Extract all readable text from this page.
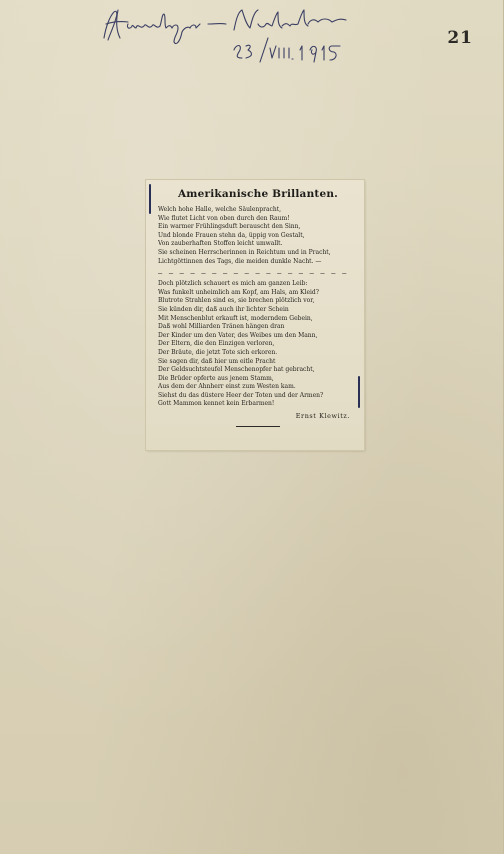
21
Amerikanische Brillanten.
Welch hohe Halle, welche Säulenpracht,
Wie flutet Licht von oben durch den Raum!
Ein warmer Frühlingsduft berauscht den Sinn,
Und blonde Frauen stehn da, üppig von Gestalt,
Von zauberhaften Stoffen leicht umwallt.
Sie scheinen Herrscherinnen in Reichtum und in Pracht,
Lichtgöttinnen des Tags, die meiden dunkle Nacht. —
— — — — — — — — — — — — — — — — — —
Doch plötzlich schauert es mich am ganzen Leib:
Was funkelt unheimlich am Kopf, am Hals, am Kleid?
Blutrote Strahlen sind es, sie brechen plötzlich vor,
Sie künden dir, daß auch ihr lichter Schein
Mit Menschenblut erkauft ist, moderndem Gebein,
Daß wohl Milliarden Tränen hängen dran
Der Kinder um den Vater, des Weibes um den Mann,
Der Eltern, die den Einzigen verloren,
Der Bräute, die jetzt Tote sich erkoren.
Sie sagen dir, daß hier um eitle Pracht
Der Geldsuchtsteufel Menschenopfer hat gebracht,
Die Brüder opferte aus jenem Stamm,
Aus dem der Ahnherr einst zum Westen kam.
Siehst du das düstere Heer der Toten und der Armen?
Gott Mammon kennet kein Erbarmen!
Ernst Klewitz.
